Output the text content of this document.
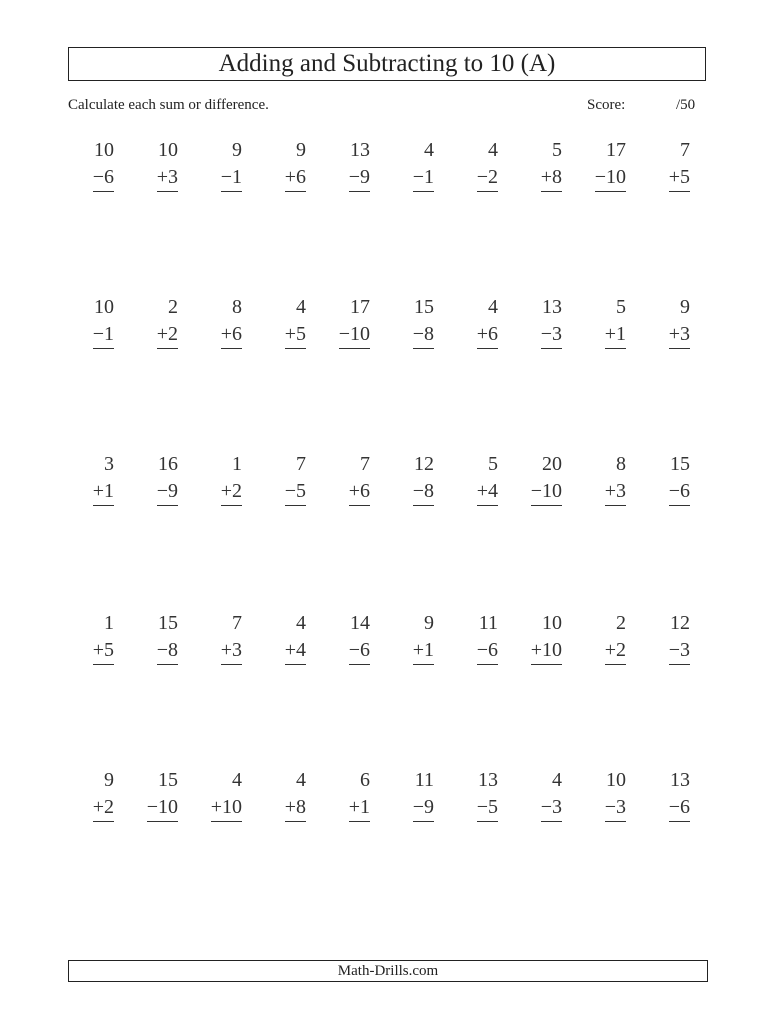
Adding and Subtracting to 10 (A)
Calculate each sum or difference.	Score:	/50
10
−6
10
+3
9
−1
9
+6
13
−9
4
−1
4
−2
5
+8
17
−10
7
+5
10
−1
2
+2
8
+6
4
+5
17
−10
15
−8
4
+6
13
−3
5
+1
9
+3
3
+1
16
−9
1
+2
7
−5
7
+6
12
−8
5
+4
20
−10
8
+3
15
−6
1
+5
15
−8
7
+3
4
+4
14
−6
9
+1
11
−6
10
+10
2
+2
12
−3
9
+2
15
−10
4
+10
4
+8
6
+1
11
−9
13
−5
4
−3
10
−3
13
−6
Math-Drills.com
